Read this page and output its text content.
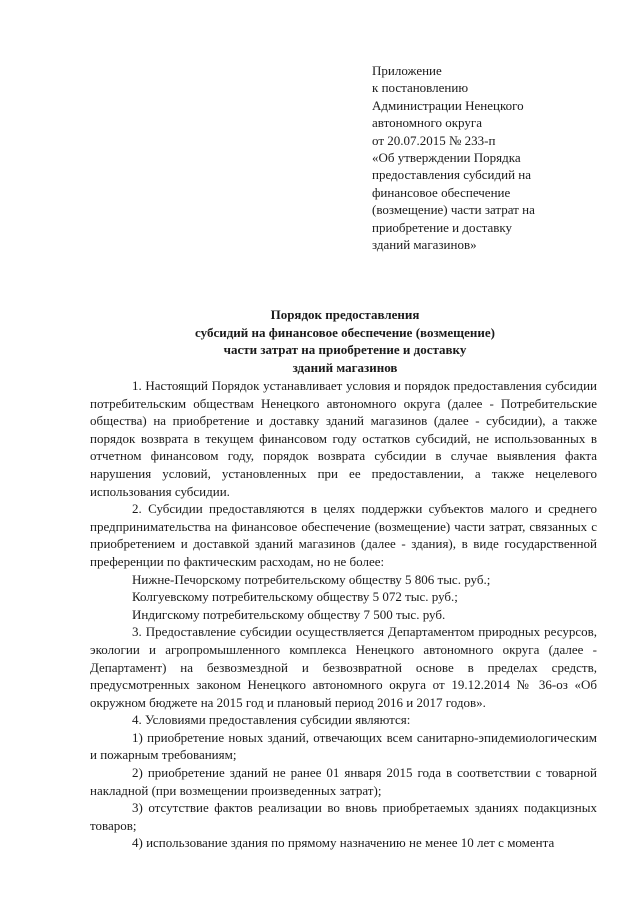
Приложение
к постановлению
Администрации Ненецкого
автономного округа
от 20.07.2015 № 233-п
«Об утверждении Порядка
предоставления субсидий на
финансовое обеспечение
(возмещение) части затрат на
приобретение и доставку
зданий магазинов»
Порядок предоставления
субсидий на финансовое обеспечение (возмещение)
части затрат на приобретение и доставку
зданий магазинов

1. Настоящий Порядок устанавливает условия и порядок предоставления субсидии потребительским обществам Ненецкого автономного округа (далее - Потребительские общества) на приобретение и доставку зданий магазинов (далее - субсидии), а также порядок возврата в текущем финансовом году остатков субсидий, не использованных в отчетном финансовом году, порядок возврата субсидии в случае выявления факта нарушения условий, установленных при ее предоставлении, а также нецелевого использования субсидии.

2. Субсидии предоставляются в целях поддержки субъектов малого и среднего предпринимательства на финансовое обеспечение (возмещение) части затрат, связанных с приобретением и доставкой зданий магазинов (далее - здания), в виде государственной преференции по фактическим расходам, но не более:

Нижне-Печорскому потребительскому обществу 5 806 тыс. руб.;

Колгуевскому потребительскому обществу 5 072 тыс. руб.;

Индигскому потребительскому обществу 7 500 тыс. руб.

3. Предоставление субсидии осуществляется Департаментом природных ресурсов, экологии и агропромышленного комплекса Ненецкого автономного округа (далее - Департамент) на безвозмездной и безвозвратной основе в пределах средств, предусмотренных законом Ненецкого автономного округа от 19.12.2014 № 36-оз «Об окружном бюджете на 2015 год и плановый период 2016 и 2017 годов».

4. Условиями предоставления субсидии являются:

1) приобретение новых зданий, отвечающих всем санитарно-эпидемиологическим и пожарным требованиям;

2) приобретение зданий не ранее 01 января 2015 года в соответствии с товарной накладной (при возмещении произведенных затрат);

3) отсутствие фактов реализации во вновь приобретаемых зданиях подакцизных товаров;

4) использование здания по прямому назначению не менее 10 лет с момента
